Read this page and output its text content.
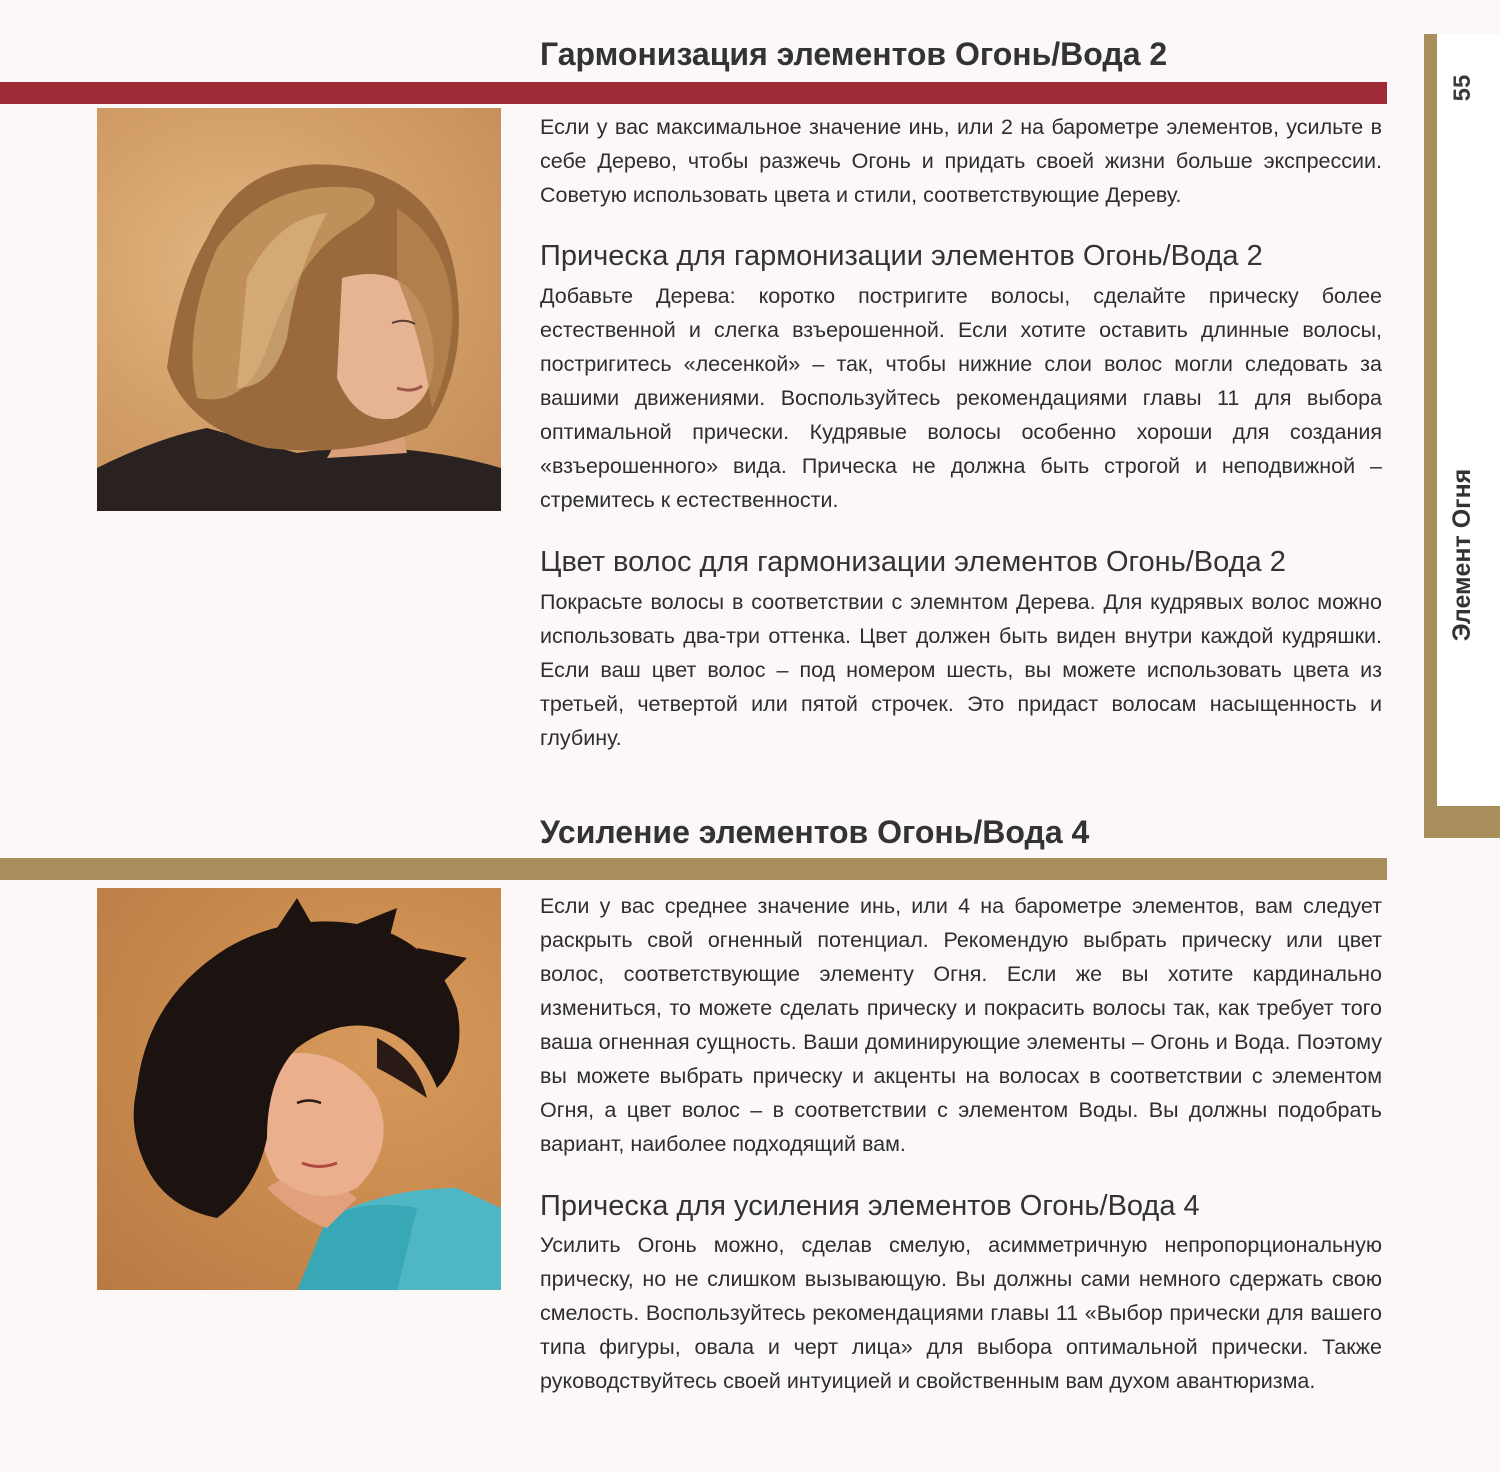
55
Элемент Огня
Гармонизация элементов Огонь/Вода 2

Если у вас максимальное значение инь, или 2 на барометре элементов, усильте в себе Дерево, чтобы разжечь Огонь и придать своей жизни больше экспрессии. Советую использовать цвета и стили, соответствующие Дереву.

Прическа для гармонизации элементов Огонь/Вода 2

Добавьте Дерева: коротко постригите волосы, сделайте прическу более естественной и слегка взъерошенной. Если хотите оставить длинные волосы, постригитесь «лесенкой» – так, чтобы нижние слои волос могли следовать за вашими движениями. Воспользуйтесь рекомендациями главы 11 для выбора оптимальной прически. Кудрявые волосы особенно хороши для создания «взъерошенного» вида. Прическа не должна быть строгой и неподвижной – стремитесь к естественности.

Цвет волос для гармонизации элементов Огонь/Вода 2

Покрасьте волосы в соответствии с элемнтом Дерева. Для кудрявых волос можно использовать два-три оттенка. Цвет должен быть виден внутри каждой кудряшки. Если ваш цвет волос – под номером шесть, вы можете использовать цвета из третьей, четвертой или пятой строчек. Это придаст волосам насыщенность и глубину.

Усиление элементов Огонь/Вода 4

Если у вас среднее значение инь, или 4 на барометре элементов, вам следует раскрыть свой огненный потенциал. Рекомендую выбрать прическу или цвет волос, соответствующие элементу Огня. Если же вы хотите кардинально измениться, то можете сделать прическу и покрасить волосы так, как требует того ваша огненная сущность. Ваши доминирующие элементы – Огонь и Вода. Поэтому вы можете выбрать прическу и акценты на волосах в соответствии с элементом Огня, а цвет волос – в соответствии с элементом Воды. Вы должны подобрать вариант, наиболее подходящий вам.

Прическа для усиления элементов Огонь/Вода 4

Усилить Огонь можно, сделав смелую, асимметричную непропорциональную прическу, но не слишком вызывающую. Вы должны сами немного сдержать свою смелость. Воспользуйтесь рекомендациями главы 11 «Выбор прически для вашего типа фигуры, овала и черт лица» для выбора оптимальной прически. Также руководствуйтесь своей интуицией и свойственным вам духом авантюризма.
